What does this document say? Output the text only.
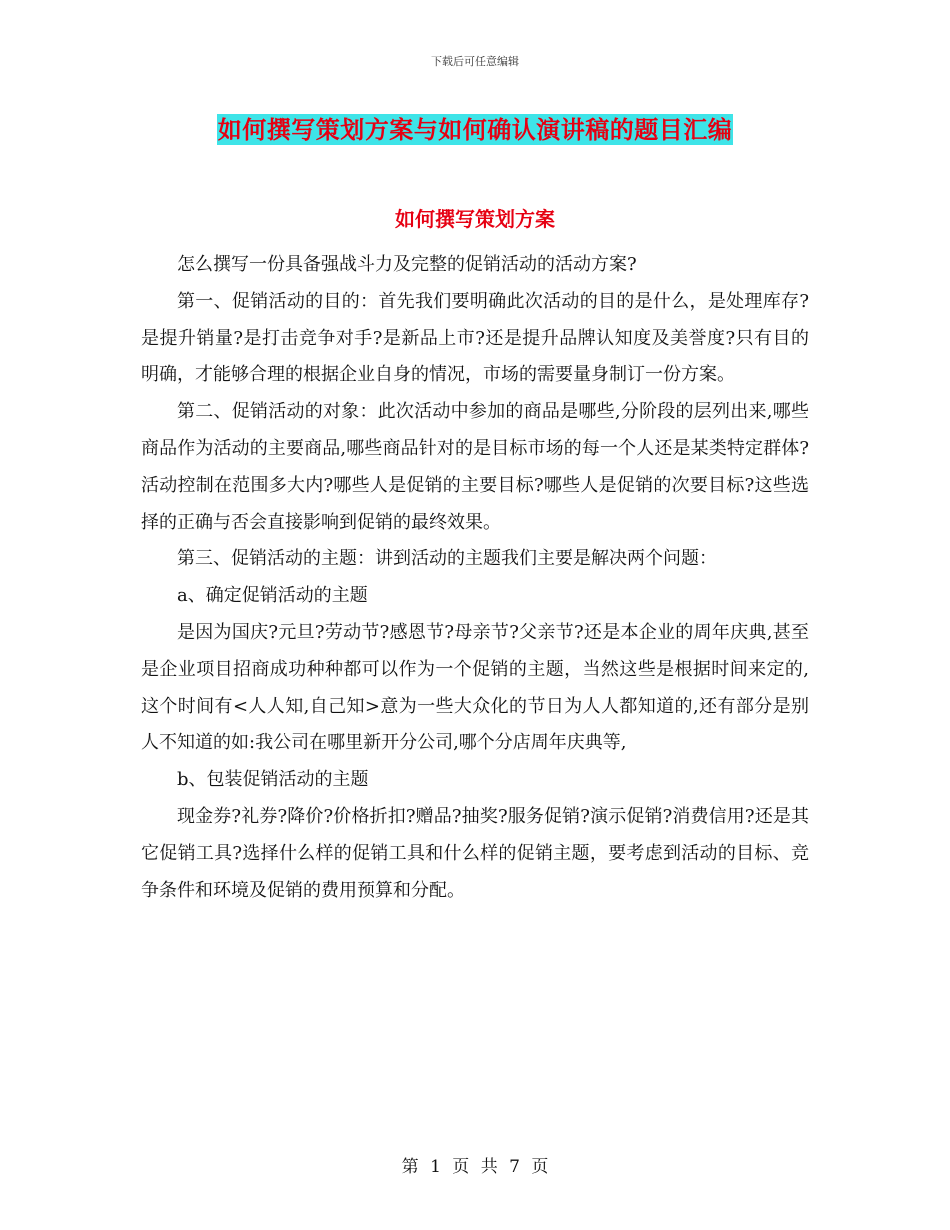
下载后可任意编辑
如何撰写策划方案与如何确认演讲稿的题目汇编
如何撰写策划方案

怎么撰写一份具备强战斗力及完整的促销活动的活动方案?

第一、促销活动的目的：首先我们要明确此次活动的目的是什么，是处理库存?是提升销量?是打击竞争对手?是新品上市?还是提升品牌认知度及美誉度?只有目的明确，才能够合理的根据企业自身的情况，市场的需要量身制订一份方案。

第二、促销活动的对象：此次活动中参加的商品是哪些,分阶段的层列出来,哪些商品作为活动的主要商品,哪些商品针对的是目标市场的每一个人还是某类特定群体?活动控制在范围多大内?哪些人是促销的主要目标?哪些人是促销的次要目标?这些选择的正确与否会直接影响到促销的最终效果。

第三、促销活动的主题：讲到活动的主题我们主要是解决两个问题：

a、确定促销活动的主题

是因为国庆?元旦?劳动节?感恩节?母亲节?父亲节?还是本企业的周年庆典,甚至是企业项目招商成功种种都可以作为一个促销的主题，当然这些是根据时间来定的,这个时间有<人人知,自己知>意为一些大众化的节日为人人都知道的,还有部分是别人不知道的如:我公司在哪里新开分公司,哪个分店周年庆典等,

b、包装促销活动的主题

现金券?礼券?降价?价格折扣?赠品?抽奖?服务促销?演示促销?消费信用?还是其它促销工具?选择什么样的促销工具和什么样的促销主题，要考虑到活动的目标、竞争条件和环境及促销的费用预算和分配。

第 1 页 共 7 页
